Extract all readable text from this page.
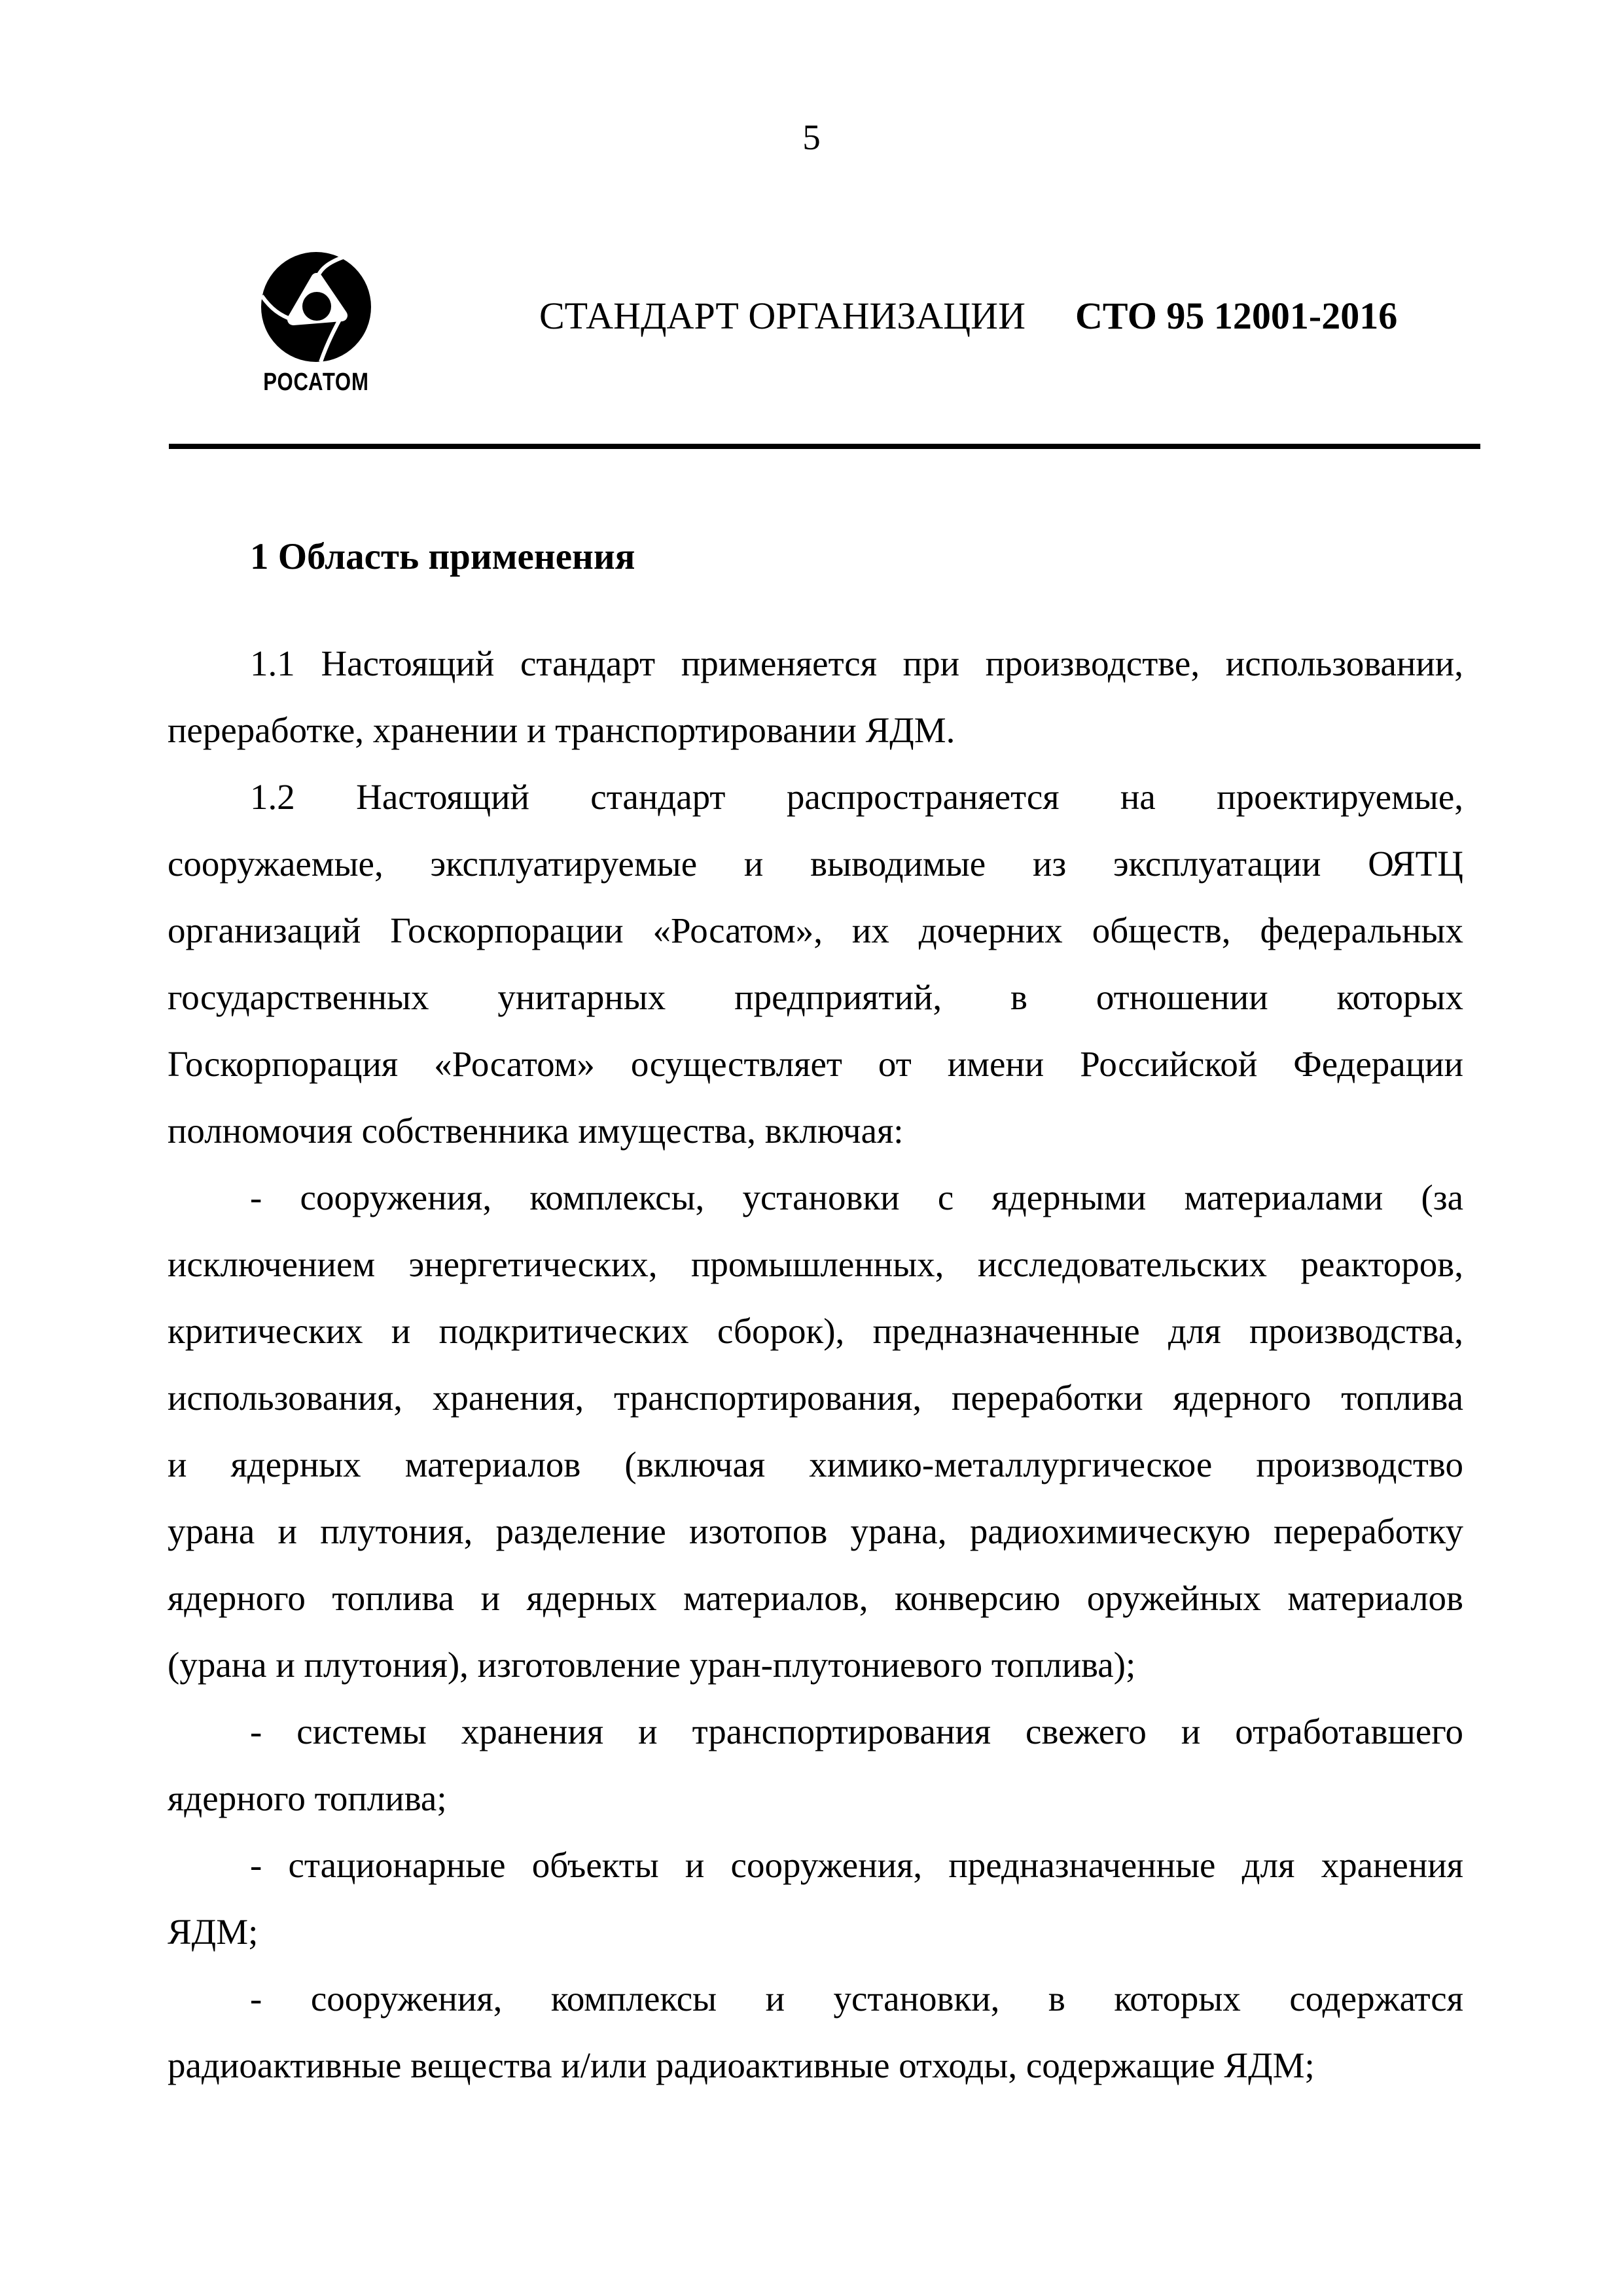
5
РОСАТОМ
СТАНДАРТ ОРГАНИЗАЦИИ СТО 95 12001-2016
1 Область применения
1.1 Настоящий стандарт применяется при производстве, использовании,
переработке, хранении и транспортировании ЯДМ.
1.2 Настоящий стандарт распространяется на проектируемые,
сооружаемые, эксплуатируемые и выводимые из эксплуатации ОЯТЦ
организаций Госкорпорации «Росатом», их дочерних обществ, федеральных
государственных унитарных предприятий, в отношении которых
Госкорпорация «Росатом» осуществляет от имени Российской Федерации
полномочия собственника имущества, включая:
- сооружения, комплексы, установки с ядерными материалами (за
исключением энергетических, промышленных, исследовательских реакторов,
критических и подкритических сборок), предназначенные для производства,
использования, хранения, транспортирования, переработки ядерного топлива
и ядерных материалов (включая химико-металлургическое производство
урана и плутония, разделение изотопов урана, радиохимическую переработку
ядерного топлива и ядерных материалов, конверсию оружейных материалов
(урана и плутония), изготовление уран-плутониевого топлива);
- системы хранения и транспортирования свежего и отработавшего
ядерного топлива;
- стационарные объекты и сооружения, предназначенные для хранения
ЯДМ;
- сооружения, комплексы и установки, в которых содержатся
радиоактивные вещества и/или радиоактивные отходы, содержащие ЯДМ;
